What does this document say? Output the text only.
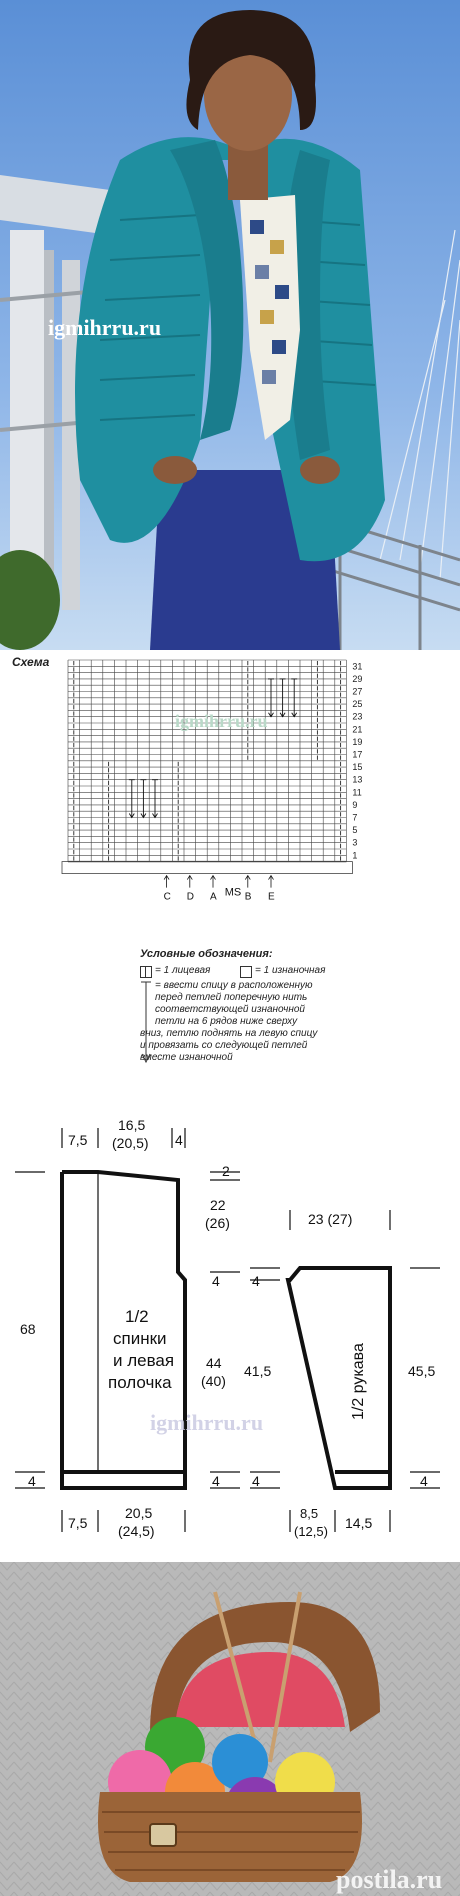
igmihrru.ru
Схема	31
29
27
25
23
21
19
17
15
13
11
9
7
5
3
1
C D A MS B E
igmihrru.ru
Условные обозначения:
= 1 лицевая	= 1 изнаночная
= ввести спицу в расположенную
перед петлей поперечную нить
соответствующей изнаночной
петли на 6 рядов ниже сверху
вниз, петлю поднять на левую спицу
и провязать со следующей петлей
вместе изнаночной
7,5
16,5
(20,5) 4
2
22
(26)
4
68
44
(40)
1/2
спинки
и левая
полочка
4	4
7,5
20,5
(24,5)
23 (27)
4
41,5	45,5
1/2 рукава
4	4
8,5
(12,5)
14,5
igmihrru.ru
postila.ru
